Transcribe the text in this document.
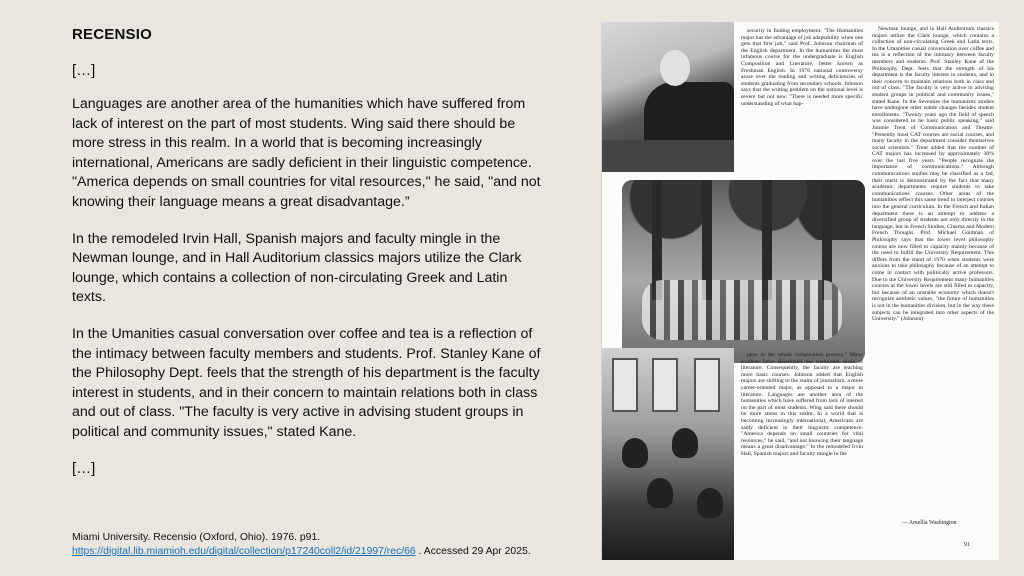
RECENSIO
[…]

Languages are another area of the humanities which have suffered from lack of interest on the part of most students. Wing said there should be more stress in this realm. In a world that is becoming increasingly international, Americans are sadly deficient in their linguistic competence. "America depends on small countries for vital resources," he said, "and not knowing their language means a great disadvantage.”

In the remodeled Irvin Hall, Spanish majors and faculty mingle in the Newman lounge, and in Hall Auditorium classics majors utilize the Clark lounge, which contains a collection of non-circulating Greek and Latin texts.

In the Umanities casual conversation over coffee and tea is a reflection of the intimacy between faculty members and students. Prof. Stanley Kane of the Philosophy Dept. feels that the strength of his department is the faculty interest in students, and in their concern to maintain relations both in class and out of class. "The faculty is very active in advising student groups in political and community issues," stated Kane.

[…]
Miami University. Recensio (Oxford, Ohio). 1976. p91. https://digital.lib.miamioh.edu/digital/collection/p17240coll2/id/21997/rec/66 . Accessed 29 Apr 2025.

security in finding employment. "The Humanities major has the advantage of job adaptability when one gets that first job," said Prof. Johnson chairman of the English department. In the humanities the most infamous course for the undergraduate is English Composition and Literature, better known as Freshman English. In 1976 national controversy arose over the reading and writing deficiencies of students graduating from secondary schools. Johnson says that the writing problem on the national level is severe but not new. "There is needed more specific understanding of what hap-

pens in the whole composition process." Many students have abandoned the traditional areas of literature. Consequently, the faculty are teaching more basic courses. Johnson added that English majors are shifting to the realm of journalism, a more career-oriented major, as opposed to a major in literature. Languages are another area of the humanities which have suffered from lack of interest on the part of most students. Wing said there should be more stress in this realm. In a world that is becoming increasingly international, Americans are sadly deficient in their linguistic competence. "America depends on small countries for vital resources," he said, "and not knowing their language means a great disadvantage." In the remodeled Irvin Hall, Spanish majors and faculty mingle in the

Newman lounge, and in Hall Auditorium classics majors utilize the Clark lounge, which contains a collection of non-circulating Greek and Latin texts. In the Umanities casual conversation over coffee and tea is a reflection of the intimacy between faculty members and students. Prof. Stanley Kane of the Philosophy Dept. feels that the strength of his department is the faculty interest in students, and in their concern to maintain relations both in class and out of class. "The faculty is very active in advising student groups in political and community issues," stated Kane. In the Seventies the humanistic studies have undergone other subtle changes besides student enrollments. "Twenty years ago the field of speech was considered to be basic public speaking," said Jimmie Trent of Communication and Theatre. "Presently most CAT courses are social courses, and many faculty in the department consider themselves social scientists." Trent added that the number of CAT majors has increased by approximately 30% over the last five years. "People recognize the importance of communications." Although communications studies may be classified as a fad, their merit is demonstrated by the fact that many academic departments require students to take communications courses. Other areas of the humanities reflect this same trend to interject courses into the general curriculum. In the French and Italian department there is an attempt to address a diversified group of students not only directly in the language, but in French Studies, Cinema and Modern French Thought. Prof. Michael Goldman of Philosophy says that the lower level philosophy course are now filled to capacity mainly because of the need to fulfill the University Requirement. This differs from the stand of 1970 when students were anxious to take philosophy because of an attempt to come in contact with politically active professors. Due to the University Requirement many humanities courses at the lower levels are still filled to capacity, but because of an unstable economy which doesn't recognize aesthetic values, "the future of humanities is not in the humanities division, but in the way these subjects can be integrated into other aspects of the University." (Johnson)

— Amellia Washington
91
